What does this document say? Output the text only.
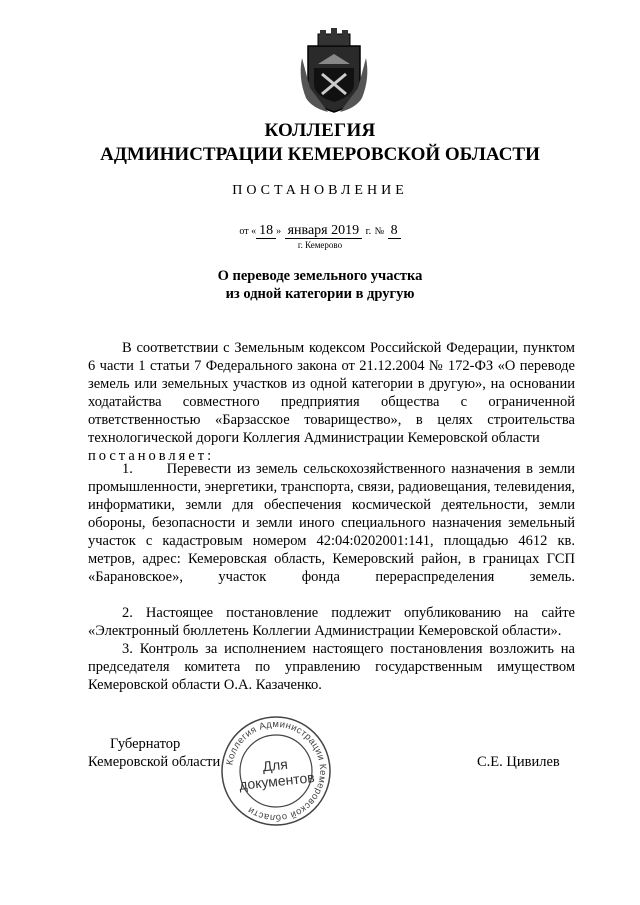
КОЛЛЕГИЯ
АДМИНИСТРАЦИИ КЕМЕРОВСКОЙ ОБЛАСТИ
ПОСТАНОВЛЕНИЕ
от « 18 » января 2019 г. № 8
г. Кемерово
О переводе земельного участка
из одной категории в другую

В соответствии с Земельным кодексом Российской Федерации, пунктом 6 части 1 статьи 7 Федерального закона от 21.12.2004 № 172-ФЗ «О переводе земель или земельных участков из одной категории в другую», на основании ходатайства совместного предприятия общества с ограниченной ответственностью «Барзасское товарищество», в целях строительства технологической дороги Коллегия Администрации Кемеровской области
постановляет:

1. Перевести из земель сельскохозяйственного назначения в земли промышленности, энергетики, транспорта, связи, радиовещания, телевидения, информатики, земли для обеспечения космической деятельности, земли обороны, безопасности и земли иного специального назначения земельный участок с кадастровым номером 42:04:0202001:141, площадью 4612 кв. метров, адрес: Кемеровская область, Кемеровский район, в границах ГСП «Барановское», участок фонда перераспределения земель.

2. Настоящее постановление подлежит опубликованию на сайте «Электронный бюллетень Коллегии Администрации Кемеровской области».

3. Контроль за исполнением настоящего постановления возложить на председателя комитета по управлению государственным имуществом Кемеровской области О.А. Казаченко.

Коллегия Администрации Кемеровской области
Для
документов
Губернатор
Кемеровской области	С.Е. Цивилев
